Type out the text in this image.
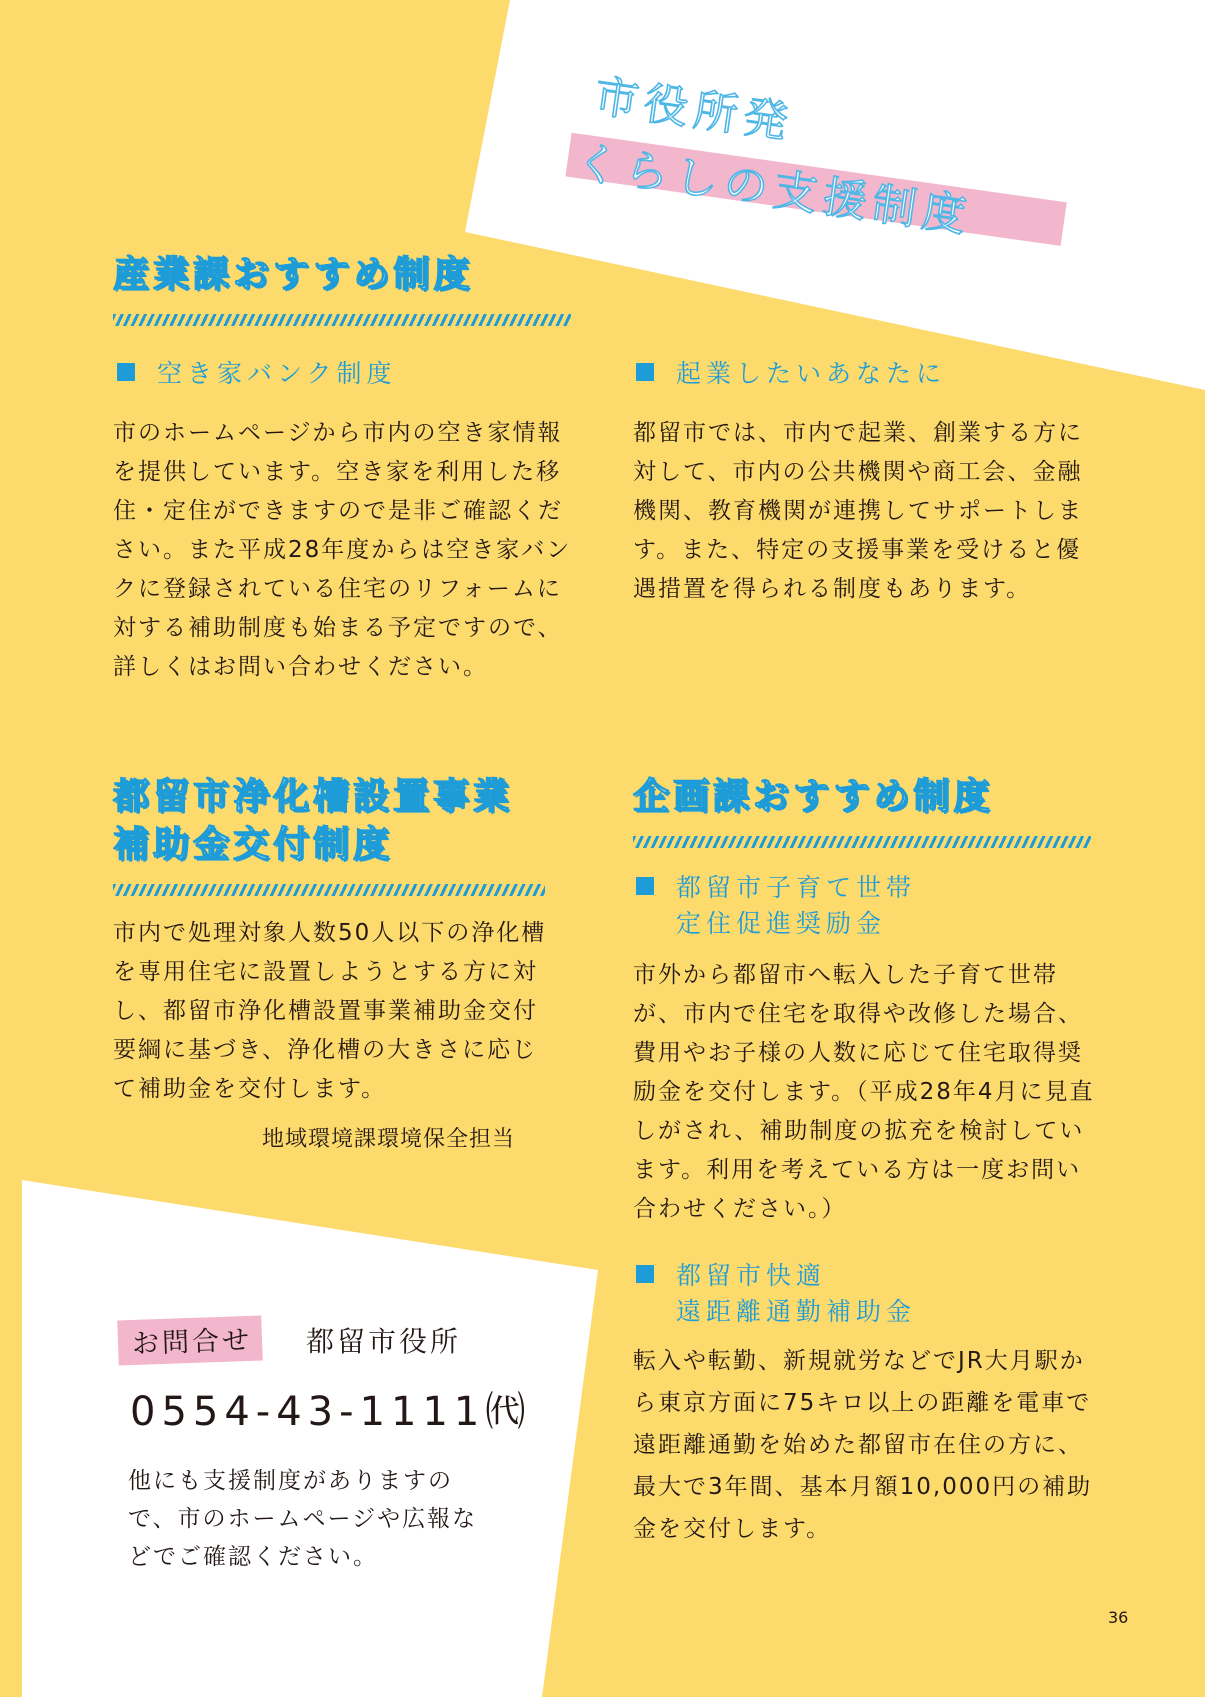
市役所発
くらしの支援制度
産業課おすすめ制度
空き家バンク制度
市のホームページから市内の空き家情報を提供しています。空き家を利用した移住・定住ができますので是非ご確認ください。また平成28年度からは空き家バンクに登録されている住宅のリフォームに対する補助制度も始まる予定ですので、詳しくはお問い合わせください。
起業したいあなたに
都留市では、市内で起業、創業する方に対して、市内の公共機関や商工会、金融機関、教育機関が連携してサポートします。また、特定の支援事業を受けると優遇措置を得られる制度もあります。
都留市浄化槽設置事業
補助金交付制度
市内で処理対象人数50人以下の浄化槽を専用住宅に設置しようとする方に対し、都留市浄化槽設置事業補助金交付要綱に基づき、浄化槽の大きさに応じて補助金を交付します。
地域環境課環境保全担当
企画課おすすめ制度
都留市子育て世帯
定住促進奨励金
市外から都留市へ転入した子育て世帯が、市内で住宅を取得や改修した場合、費用やお子様の人数に応じて住宅取得奨励金を交付します。（平成28年4月に見直しがされ、補助制度の拡充を検討しています。利用を考えている方は一度お問い合わせください。）
都留市快適
遠距離通勤補助金
転入や転勤、新規就労などでJR大月駅から東京方面に75キロ以上の距離を電車で遠距離通勤を始めた都留市在住の方に、最大で3年間、基本月額10,000円の補助金を交付します。
お問合せ	都留市役所
0554-43-1111㈹
他にも支援制度がありますので、市のホームページや広報などでご確認ください。
36
